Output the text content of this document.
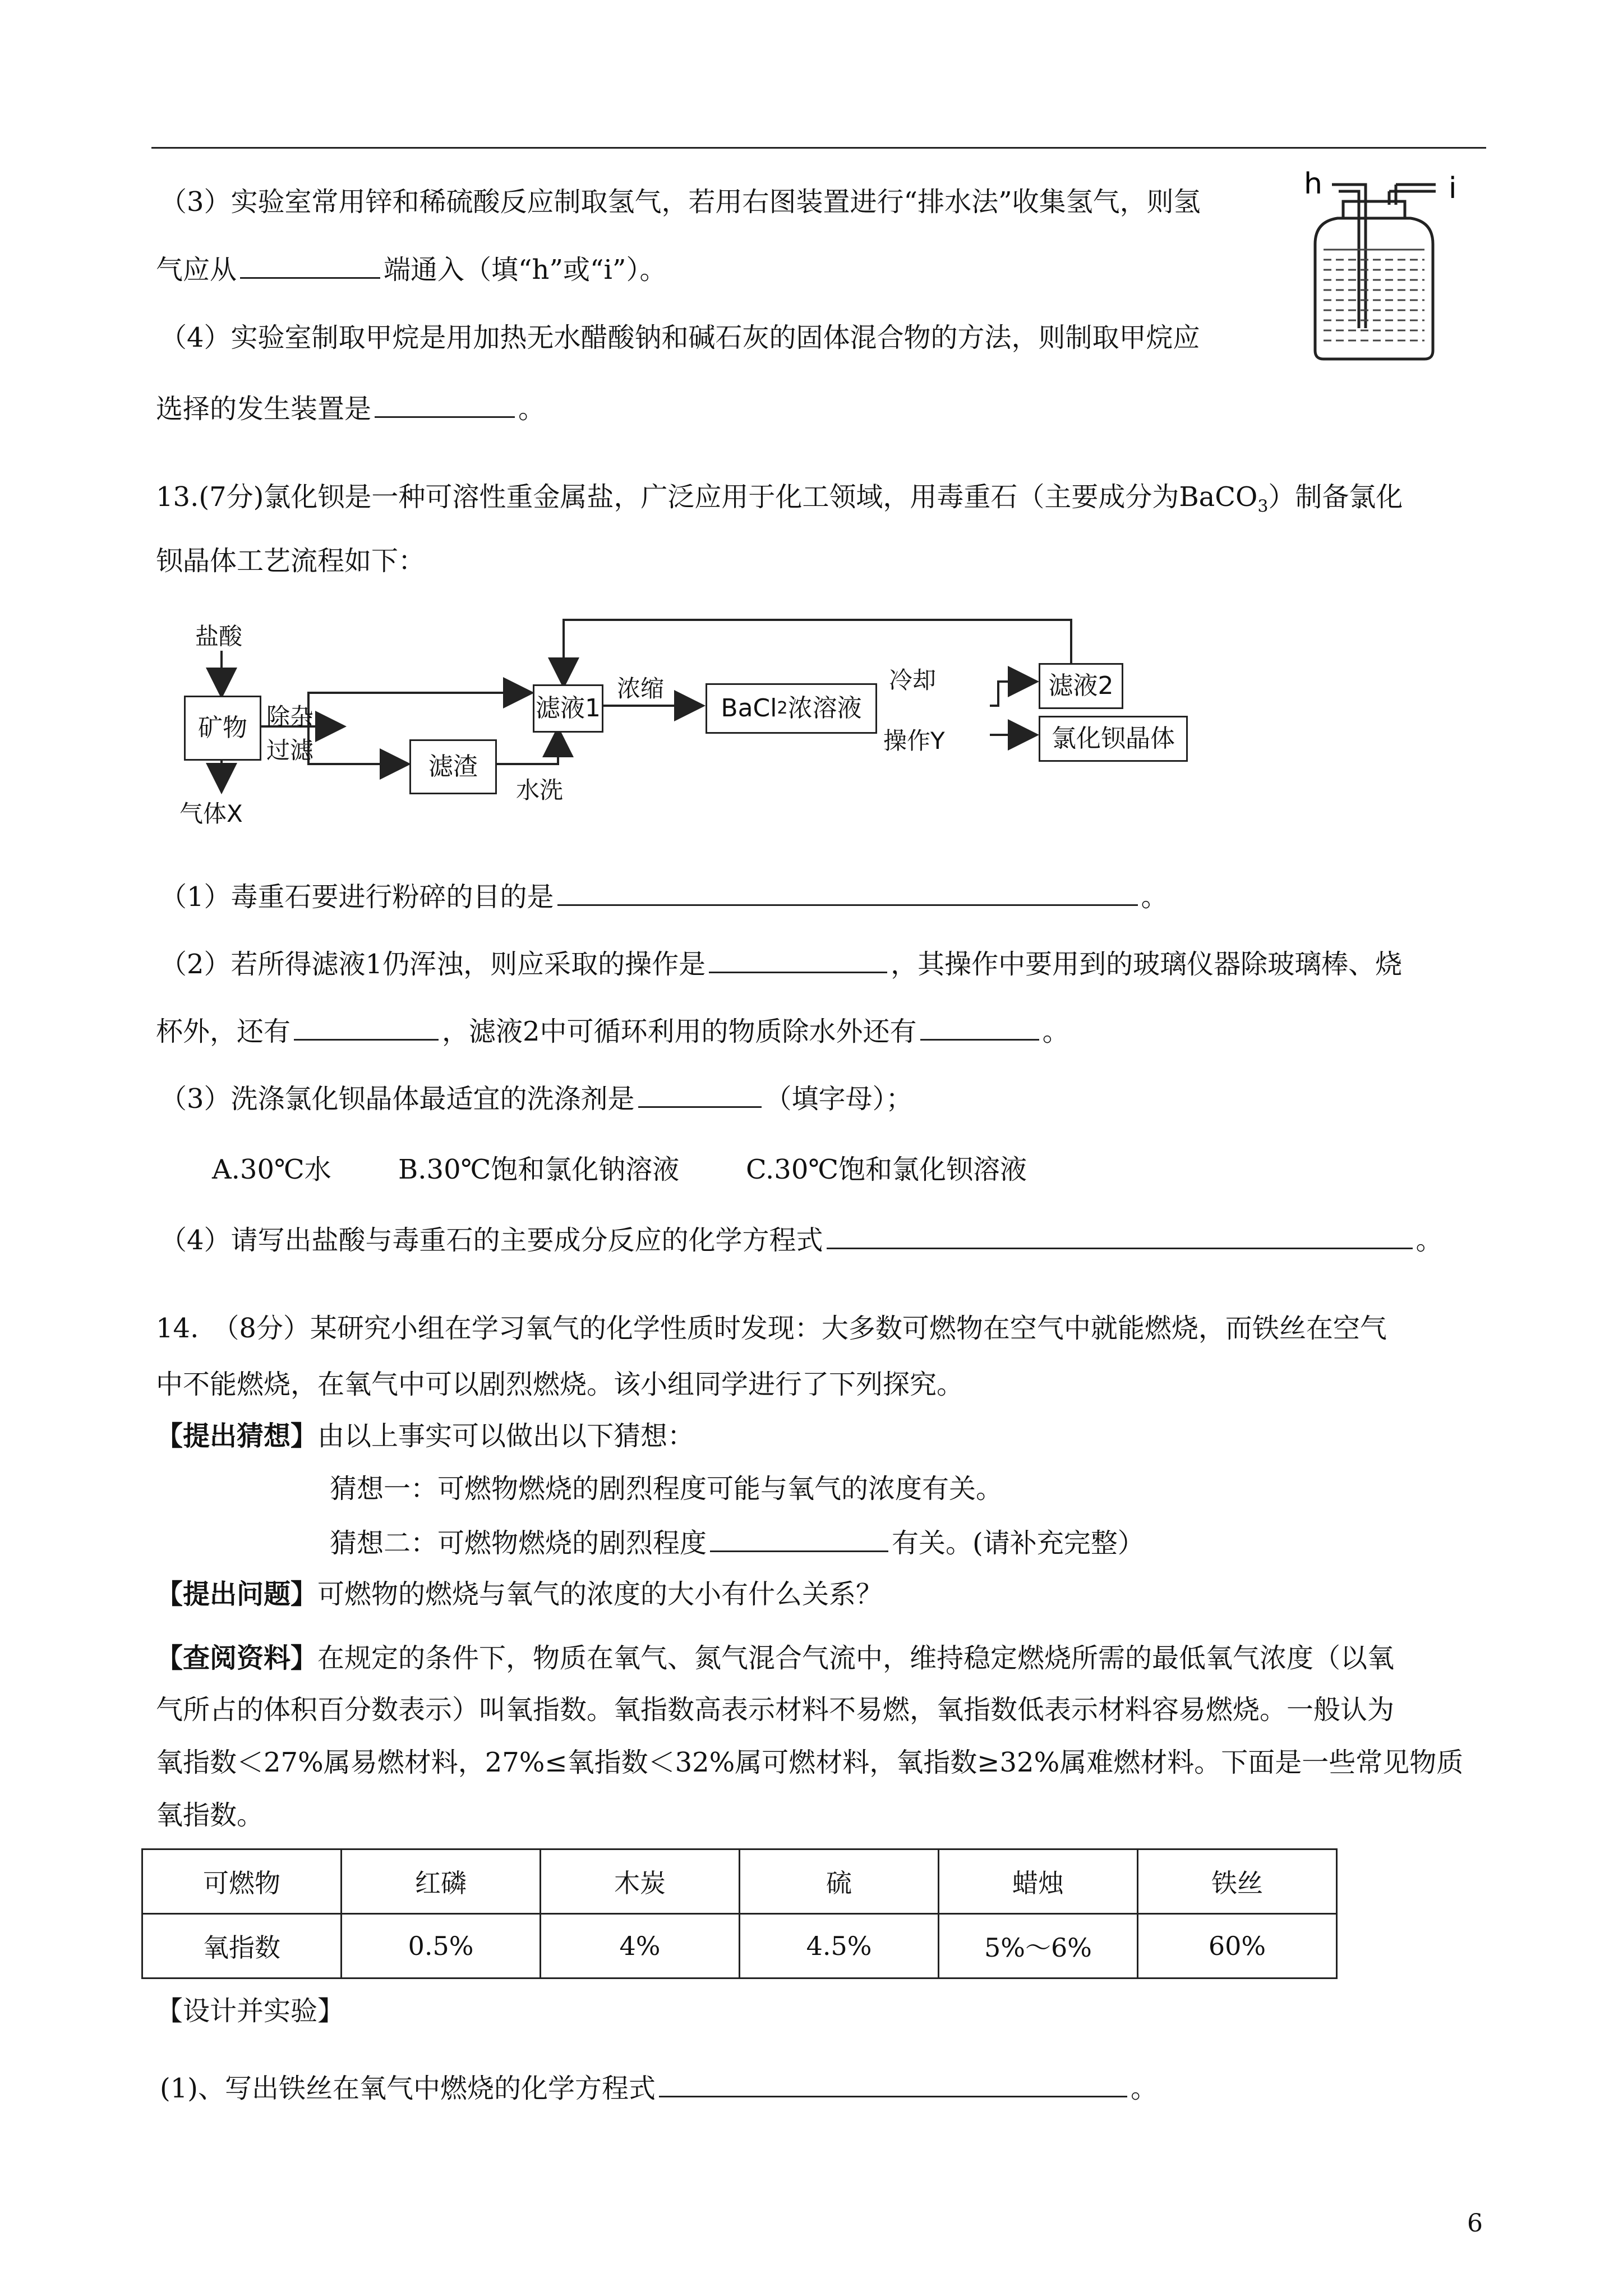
（3）实验室常用锌和稀硫酸反应制取氢气，若用右图装置进行“排水法”收集氢气，则氢
气应从	端通入（填“h”或“i”）。
（4）实验室制取甲烷是用加热无水醋酸钠和碱石灰的固体混合物的方法，则制取甲烷应
选择的发生装置是	。
h	i
13.(7分)氯化钡是一种可溶性重金属盐，广泛应用于化工领域，用毒重石（主要成分为BaCO$_3$）制备氯化
钡晶体工艺流程如下：
盐酸
矿物
气体X
除杂
过滤
滤渣
水洗
滤液1
浓缩
BaCl 2 浓溶液
冷却
操作Y
滤液2
氯化钡晶体
（1）毒重石要进行粉碎的目的是	。
（2）若所得滤液1仍浑浊，则应采取的操作是	，其操作中要用到的玻璃仪器除玻璃棒、烧
杯外，还有	，滤液2中可循环利用的物质除水外还有	。
（3）洗涤氯化钡晶体最适宜的洗涤剂是	（填字母）；
A.30℃水 B.30℃饱和氯化钠溶液 C.30℃饱和氯化钡溶液
（4）请写出盐酸与毒重石的主要成分反应的化学方程式	。
14.　（8分）某研究小组在学习氧气的化学性质时发现：大多数可燃物在空气中就能燃烧，而铁丝在空气
中不能燃烧，在氧气中可以剧烈燃烧。该小组同学进行了下列探究。
【提出猜想】由以上事实可以做出以下猜想：
猜想一：可燃物燃烧的剧烈程度可能与氧气的浓度有关。
猜想二：可燃物燃烧的剧烈程度	有关。(请补充完整）
【提出问题】可燃物的燃烧与氧气的浓度的大小有什么关系？
【查阅资料】在规定的条件下，物质在氧气、氮气混合气流中，维持稳定燃烧所需的最低氧气浓度（以氧
气所占的体积百分数表示）叫氧指数。氧指数高表示材料不易燃，氧指数低表示材料容易燃烧。一般认为
氧指数＜27%属易燃材料，27%≤氧指数＜32%属可燃材料，氧指数≥32%属难燃材料。下面是一些常见物质
氧指数。
可燃物	红磷	木炭	硫	蜡烛	铁丝
氧指数	0.5%	4%	4.5%	5%～6%	60%
【设计并实验】
(1)、写出铁丝在氧气中燃烧的化学方程式	。
6
